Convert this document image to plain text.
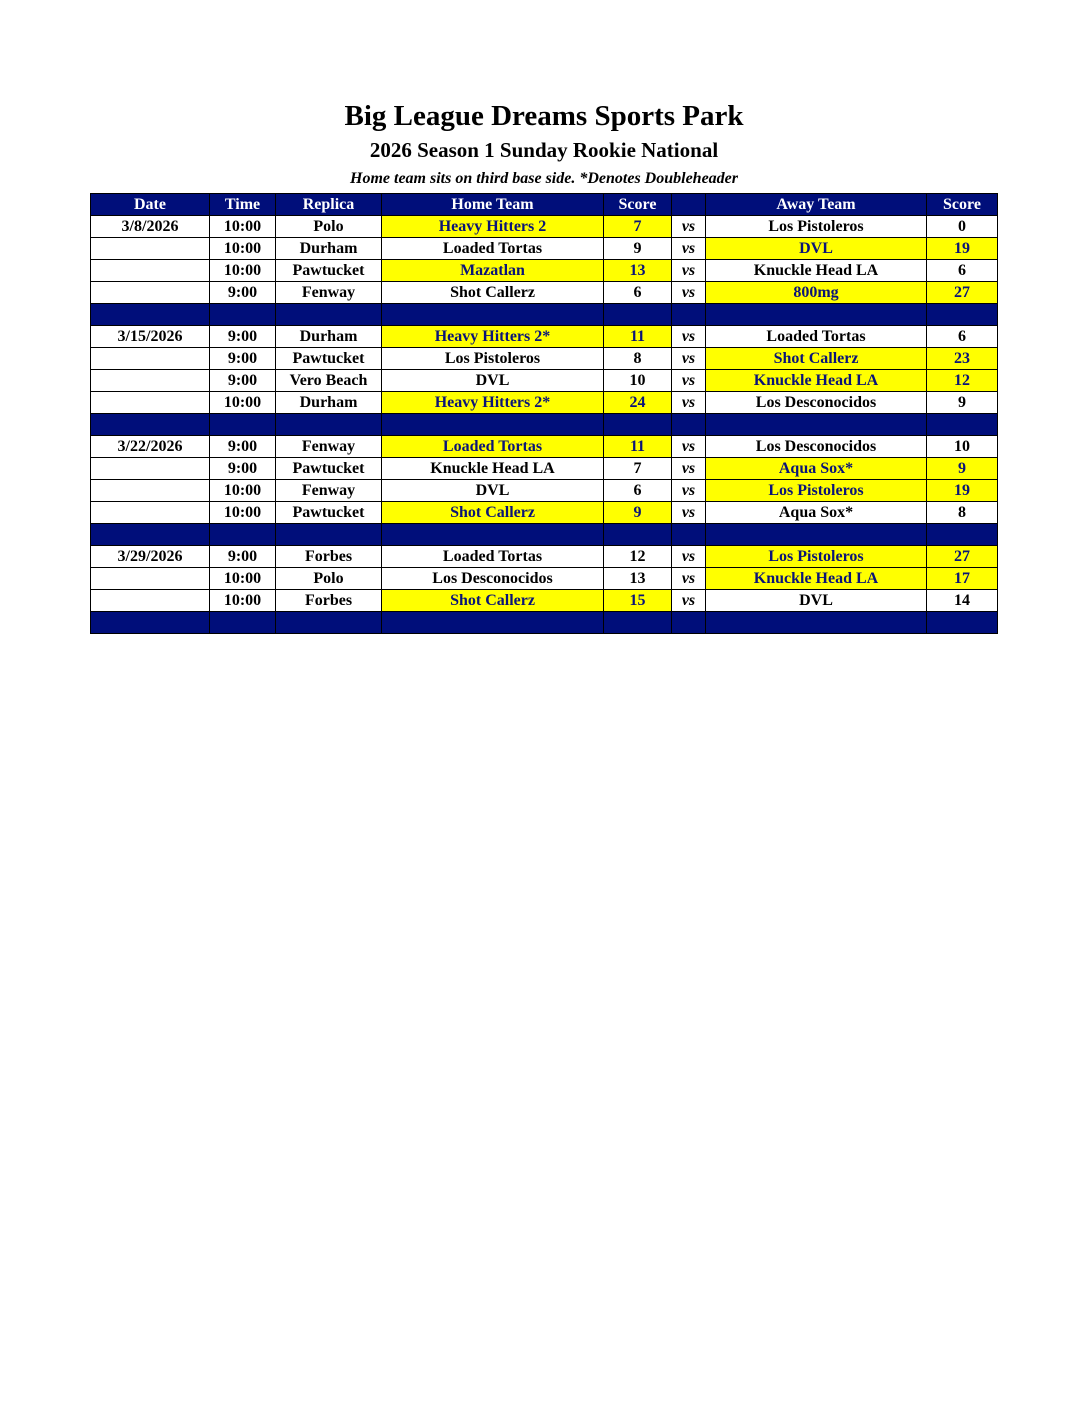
Big League Dreams Sports Park
2026 Season 1 Sunday Rookie National
Home team sits on third base side. *Denotes Doubleheader
Date	Time	Replica	Home Team	Score		Away Team	Score
3/8/2026	10:00	Polo	Heavy Hitters 2	7	vs	Los Pistoleros	0
	10:00	Durham	Loaded Tortas	9	vs	DVL	19
	10:00	Pawtucket	Mazatlan	13	vs	Knuckle Head LA	6
	9:00	Fenway	Shot Callerz	6	vs	800mg	27

3/15/2026	9:00	Durham	Heavy Hitters 2*	11	vs	Loaded Tortas	6
	9:00	Pawtucket	Los Pistoleros	8	vs	Shot Callerz	23
	9:00	Vero Beach	DVL	10	vs	Knuckle Head LA	12
	10:00	Durham	Heavy Hitters 2*	24	vs	Los Desconocidos	9

3/22/2026	9:00	Fenway	Loaded Tortas	11	vs	Los Desconocidos	10
	9:00	Pawtucket	Knuckle Head LA	7	vs	Aqua Sox*	9
	10:00	Fenway	DVL	6	vs	Los Pistoleros	19
	10:00	Pawtucket	Shot Callerz	9	vs	Aqua Sox*	8

3/29/2026	9:00	Forbes	Loaded Tortas	12	vs	Los Pistoleros	27
	10:00	Polo	Los Desconocidos	13	vs	Knuckle Head LA	17
	10:00	Forbes	Shot Callerz	15	vs	DVL	14
